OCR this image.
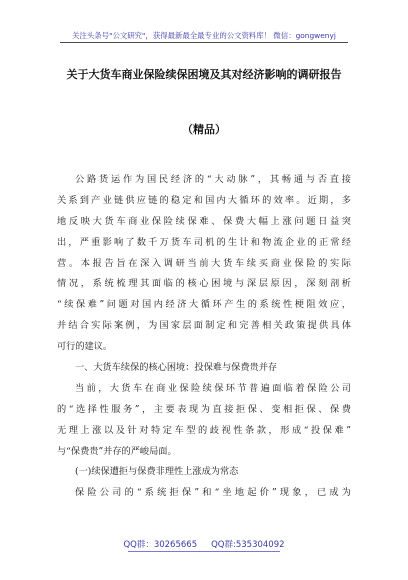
关注头条号"公文研究"，获得最新最全最专业的公文资料库！ 微信：gongwenyj
关于大货车商业保险续保困境及其对经济影响的调研报告
（精品）
公路货运作为国民经济的“大动脉”，其畅通与否直接
关系到产业链供应链的稳定和国内大循环的效率。近期，多
地反映大货车商业保险续保难、保费大幅上涨问题日益突
出，严重影响了数千万货车司机的生计和物流企业的正常经
营。本报告旨在深入调研当前大货车续买商业保险的实际
情况，系统梳理其面临的核心困境与深层原因，深刻剖析
“续保难”问题对国内经济大循环产生的系统性梗阻效应，
并结合实际案例，为国家层面制定和完善相关政策提供具体
可行的建议。
一、大货车续保的核心困境：投保难与保费贵并存
当前，大货车在商业保险续保环节普遍面临着保险公司
的“选择性服务”，主要表现为直接拒保、变相拒保、保费
无理上涨以及针对特定车型的歧视性条款，形成“投保难”
与“保费贵”并存的严峻局面。
(一)续保遭拒与保费非理性上涨成为常态
保险公司的“系统拒保”和“坐地起价”现象，已成为
QQ群：30265665 QQ群:535304092
